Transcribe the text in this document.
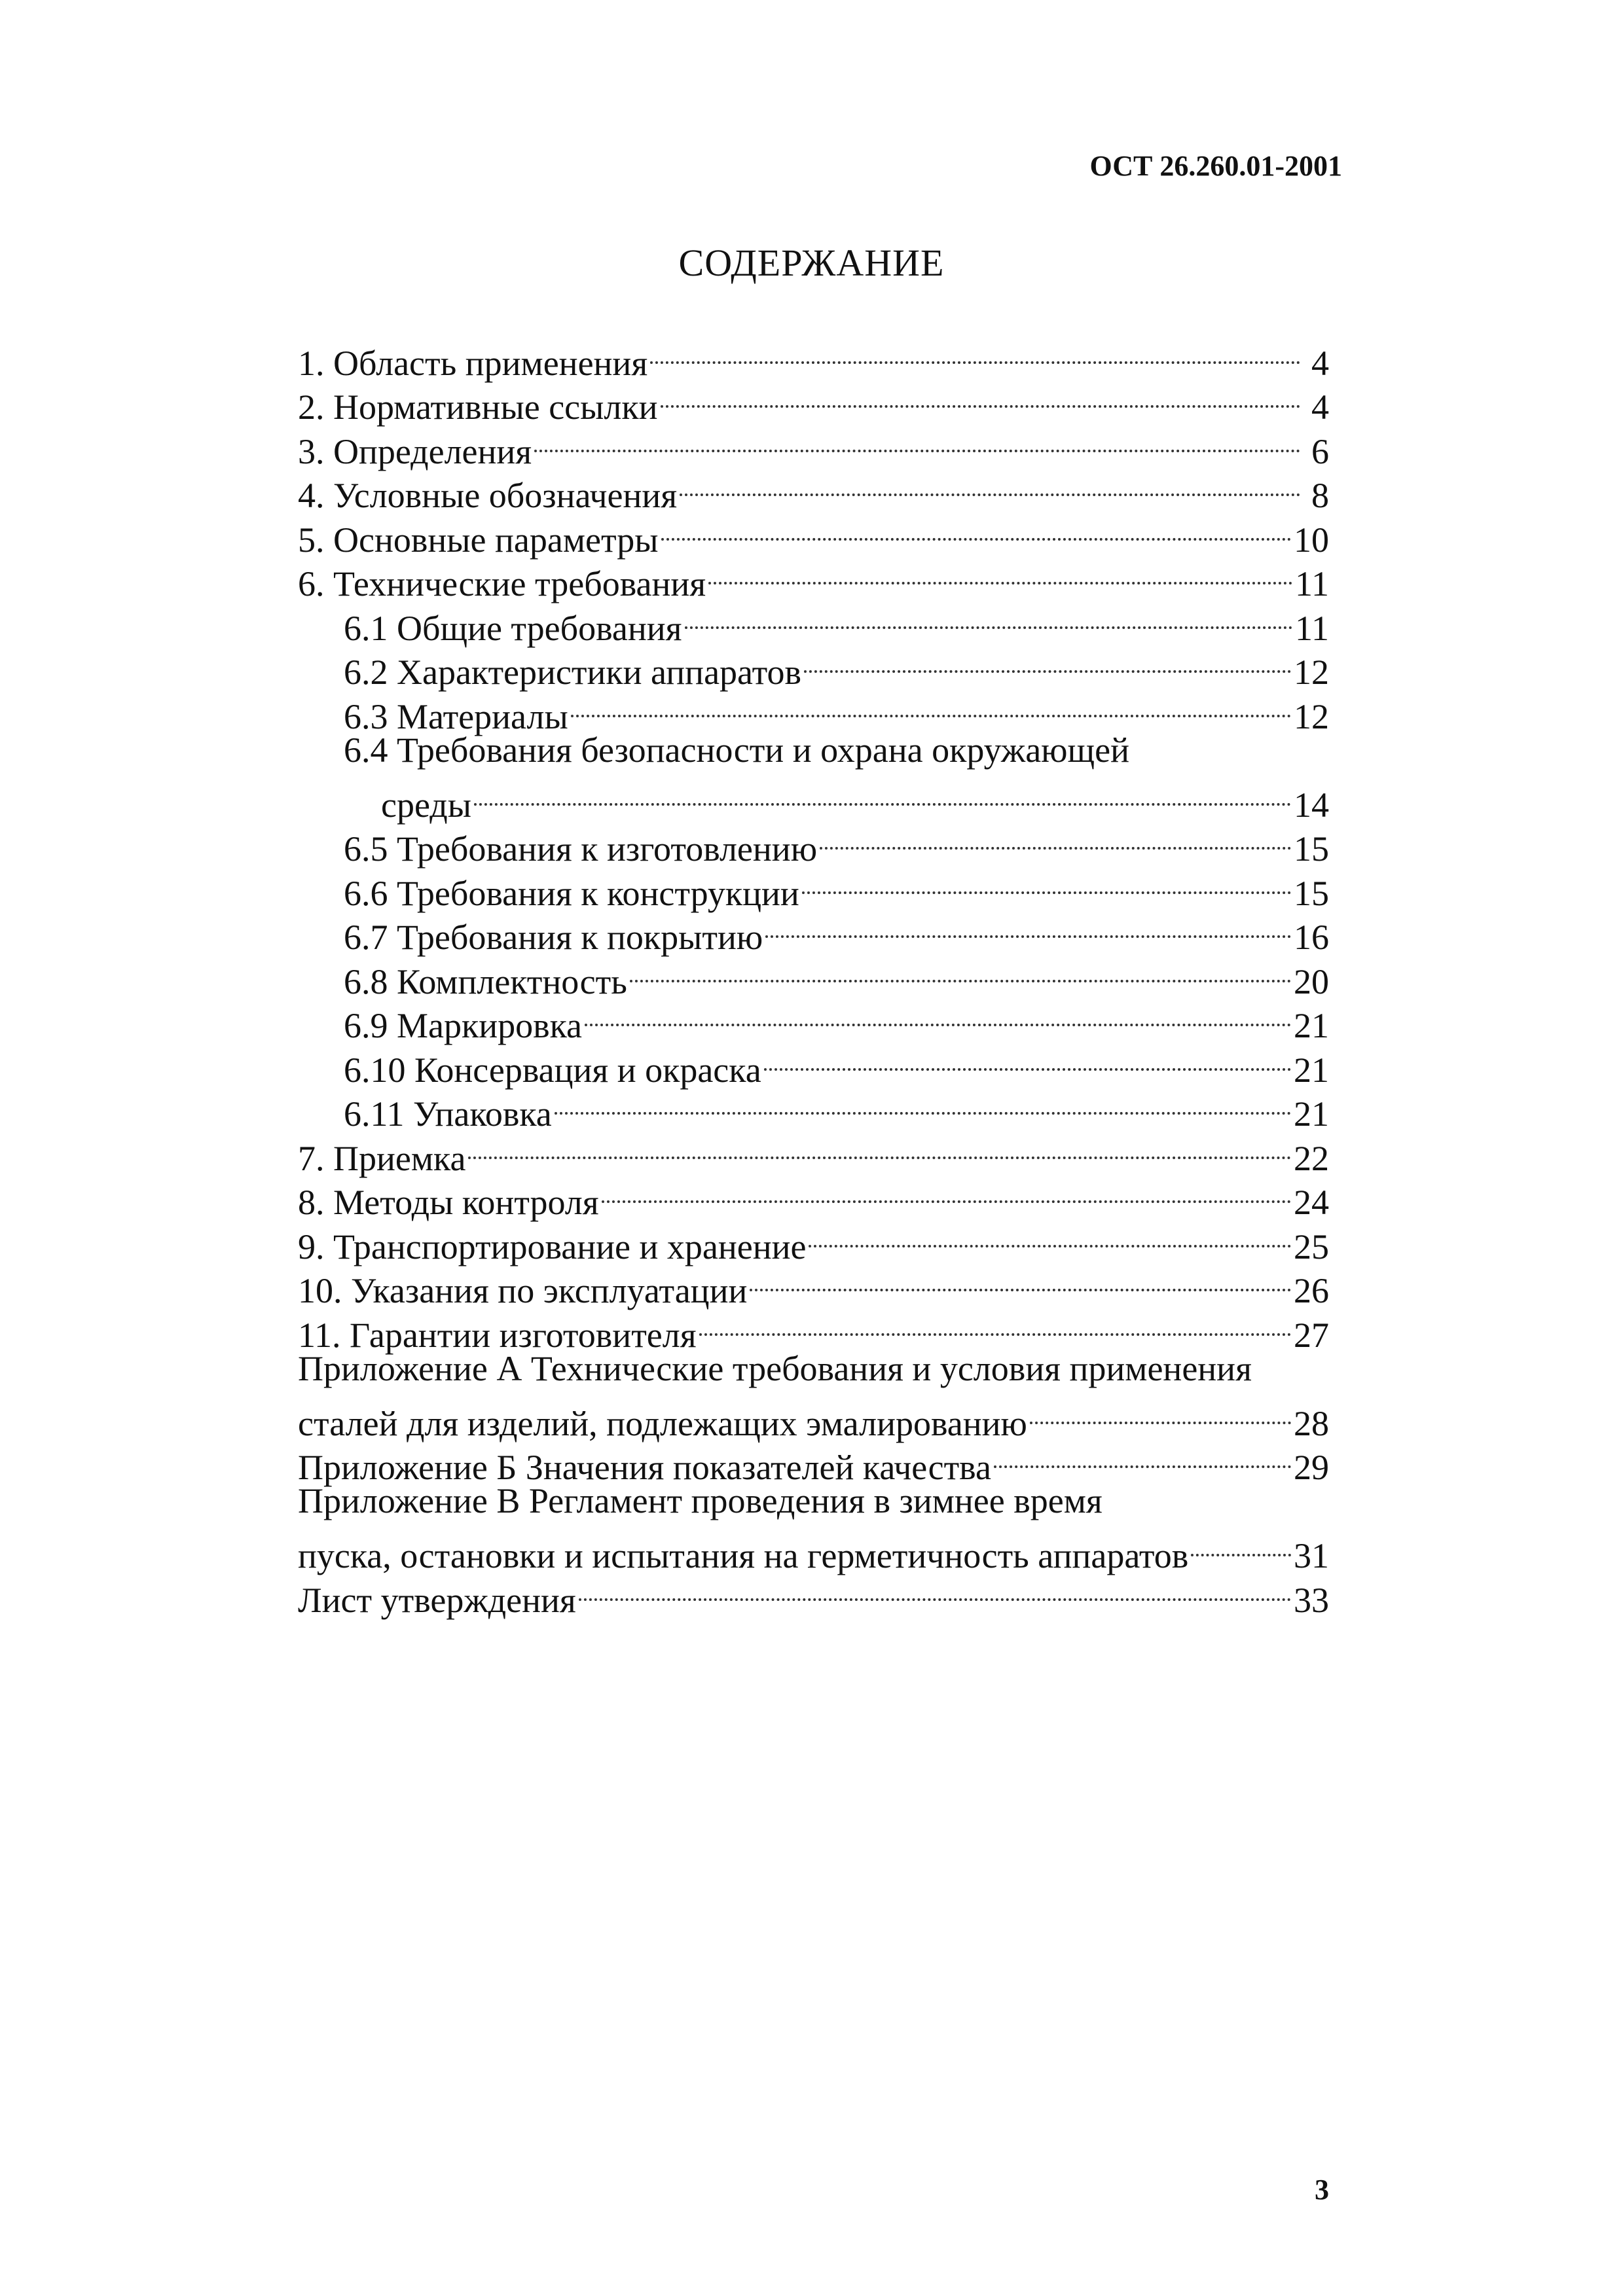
ОСТ 26.260.01-2001
СОДЕРЖАНИЕ
1. Область применения	4
2. Нормативные ссылки	4
3. Определения	6
4. Условные обозначения	8
5. Основные параметры	10
6. Технические требования	11
6.1 Общие требования	11
6.2 Характеристики аппаратов	12
6.3 Материалы	12
6.4 Требования безопасности и охрана окружающей
среды	14
6.5 Требования к изготовлению	15
6.6 Требования к конструкции	15
6.7 Требования к покрытию	16
6.8 Комплектность	20
6.9 Маркировка	21
6.10 Консервация и окраска	21
6.11 Упаковка	21
7. Приемка	22
8. Методы контроля	24
9. Транспортирование и хранение	25
10. Указания по эксплуатации	26
11. Гарантии изготовителя	27
Приложение А Технические требования и условия применения
сталей для изделий, подлежащих эмалированию	28
Приложение Б Значения показателей качества	29
Приложение В Регламент проведения в зимнее время
пуска, остановки и испытания на герметичность аппаратов	31
Лист утверждения	33
3
